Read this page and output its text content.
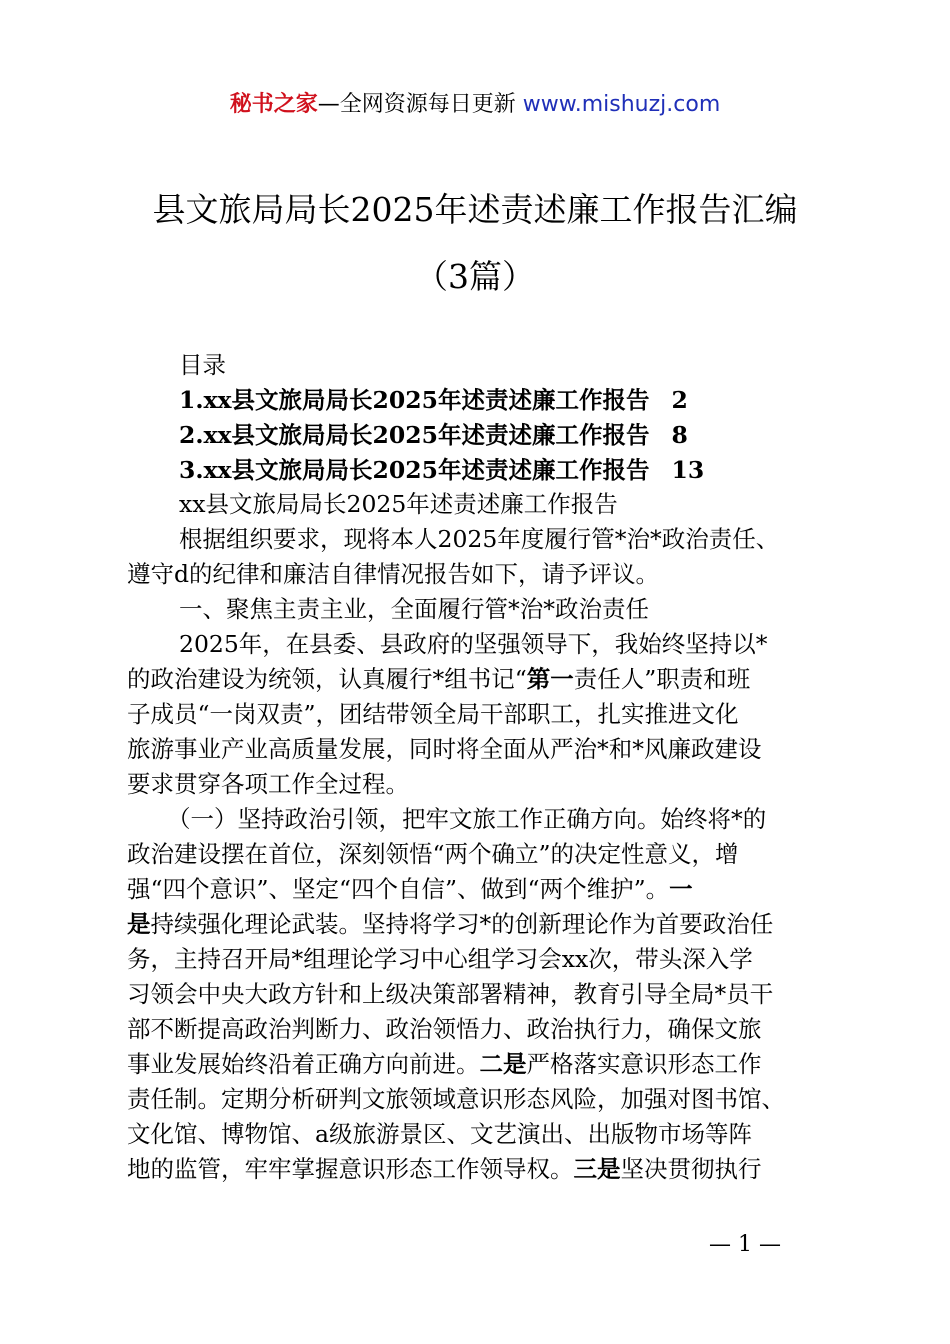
秘书之家—全网资源每日更新 www.mishuzj.com
县文旅局局长2025年述责述廉工作报告汇编
（3篇）
目录
1.xx县文旅局局长2025年述责述廉工作报告 2
2.xx县文旅局局长2025年述责述廉工作报告 8
3.xx县文旅局局长2025年述责述廉工作报告 13
xx县文旅局局长2025年述责述廉工作报告
根据组织要求，现将本人2025年度履行管*治*政治责任、
遵守d的纪律和廉洁自律情况报告如下，请予评议。
一、聚焦主责主业，全面履行管*治*政治责任
2025年，在县委、县政府的坚强领导下，我始终坚持以*
的政治建设为统领，认真履行*组书记“第一责任人”职责和班
子成员“一岗双责”，团结带领全局干部职工，扎实推进文化
旅游事业产业高质量发展，同时将全面从严治*和*风廉政建设
要求贯穿各项工作全过程。
（一）坚持政治引领，把牢文旅工作正确方向。始终将*的
政治建设摆在首位，深刻领悟“两个确立”的决定性意义，增
强“四个意识”、坚定“四个自信”、做到“两个维护”。一
是持续强化理论武装。坚持将学习*的创新理论作为首要政治任
务，主持召开局*组理论学习中心组学习会xx次，带头深入学
习领会中央大政方针和上级决策部署精神，教育引导全局*员干
部不断提高政治判断力、政治领悟力、政治执行力，确保文旅
事业发展始终沿着正确方向前进。二是严格落实意识形态工作
责任制。定期分析研判文旅领域意识形态风险，加强对图书馆、
文化馆、博物馆、a级旅游景区、文艺演出、出版物市场等阵
地的监管，牢牢掌握意识形态工作领导权。三是坚决贯彻执行
— 1 —
